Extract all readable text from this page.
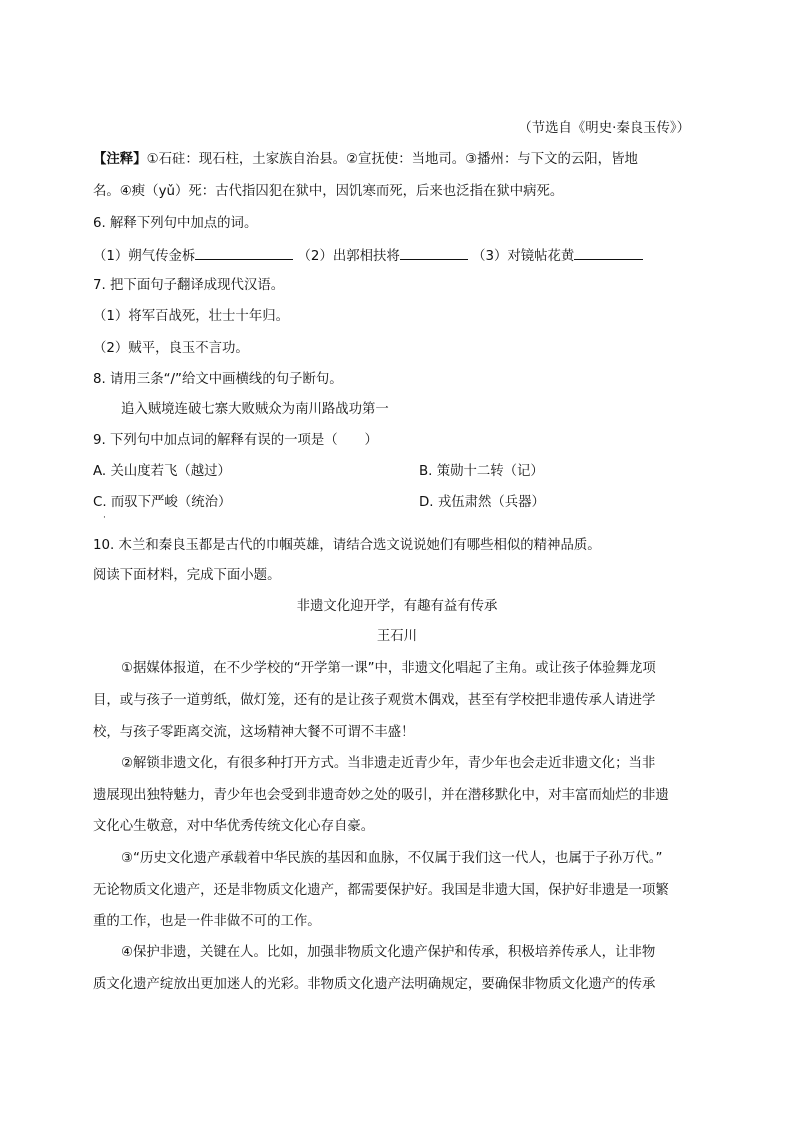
（节选自《明史·秦良玉传》）
【注释】①石砫：现石柱，土家族自治县。②宣抚使：当地司。③播州：与下文的云阳，皆地
名。④瘐（yǔ）死：古代指囚犯在狱中，因饥寒而死，后来也泛指在狱中病死。
6. 解释下列句中加点的词。
（1）朔气传金柝	（2）出郭相扶将	（3）对镜帖花黄
7. 把下面句子翻译成现代汉语。
（1）将军百战死，壮士十年归。
（2）贼平，良玉不言功。
8. 请用三条“/”给文中画横线的句子断句。
追入贼境连破七寨大败贼众为南川路战功第一
9. 下列句中加点词的解释有误的一项是（　　）
A. 关山度若飞（越过）	B. 策勋十二转（记）
C. 而驭下严峻（统治）	D. 戎伍肃然（兵器）
·
10. 木兰和秦良玉都是古代的巾帼英雄，请结合选文说说她们有哪些相似的精神品质。
阅读下面材料，完成下面小题。
非遗文化迎开学，有趣有益有传承
王石川
①据媒体报道，在不少学校的“开学第一课”中，非遗文化唱起了主角。或让孩子体验舞龙项
目，或与孩子一道剪纸，做灯笼，还有的是让孩子观赏木偶戏，甚至有学校把非遗传承人请进学
校，与孩子零距离交流，这场精神大餐不可谓不丰盛！
②解锁非遗文化，有很多种打开方式。当非遗走近青少年，青少年也会走近非遗文化；当非
遗展现出独特魅力，青少年也会受到非遗奇妙之处的吸引，并在潜移默化中，对丰富而灿烂的非遗
文化心生敬意，对中华优秀传统文化心存自豪。
③“历史文化遗产承载着中华民族的基因和血脉，不仅属于我们这一代人，也属于子孙万代。”
无论物质文化遗产，还是非物质文化遗产，都需要保护好。我国是非遗大国，保护好非遗是一项繁
重的工作，也是一件非做不可的工作。
④保护非遗，关键在人。比如，加强非物质文化遗产保护和传承，积极培养传承人，让非物
质文化遗产绽放出更加迷人的光彩。非物质文化遗产法明确规定，要确保非物质文化遗产的传承
